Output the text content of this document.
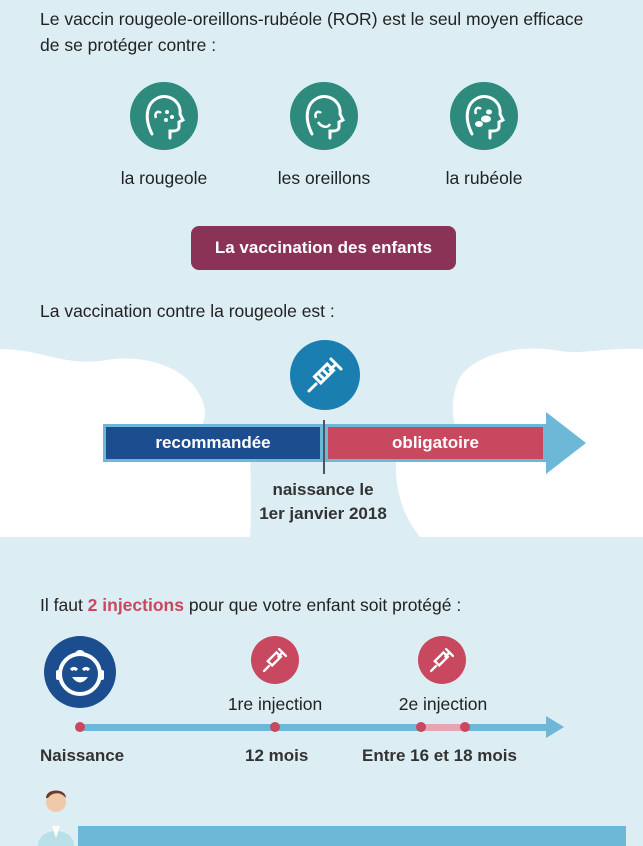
Le vaccin rougeole-oreillons-rubéole (ROR) est le seul moyen efficace
de se protéger contre :
la rougeole	les oreillons	la rubéole
La vaccination des enfants
La vaccination contre la rougeole est :
recommandée	obligatoire
naissance le
1er janvier 2018
Il faut 2 injections pour que votre enfant soit protégé :
1re injection	2e injection
Naissance	12 mois	Entre 16 et 18 mois
